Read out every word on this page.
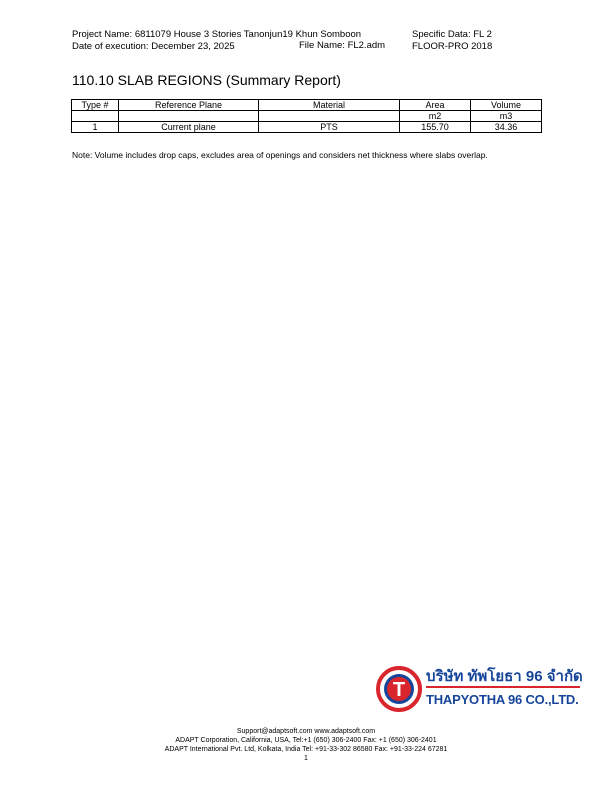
Project Name: 6811079 House 3 Stories Tanonjun19 Khun Somboon
Date of execution: December 23, 2025	File Name: FL2.adm
Specific Data: FL 2
FLOOR-PRO 2018
110.10 SLAB REGIONS (Summary Report)
Type #	Reference Plane	Material	Area	Volume
			m2	m3
1	Current plane	PTS	155.70	34.36
Note: Volume includes drop caps, excludes area of openings and considers net thickness where slabs overlap.
T
บริษัท ทัพโยธา 96 จำกัด
THAPYOTHA 96 CO.,LTD.
Support@adaptsoft.com www.adaptsoft.com
ADAPT Corporation, California, USA, Tel:+1 (650) 306-2400 Fax: +1 (650) 306-2401
ADAPT International Pvt. Ltd, Kolkata, India Tel: +91-33-302 86580 Fax: +91-33-224 67281
1
